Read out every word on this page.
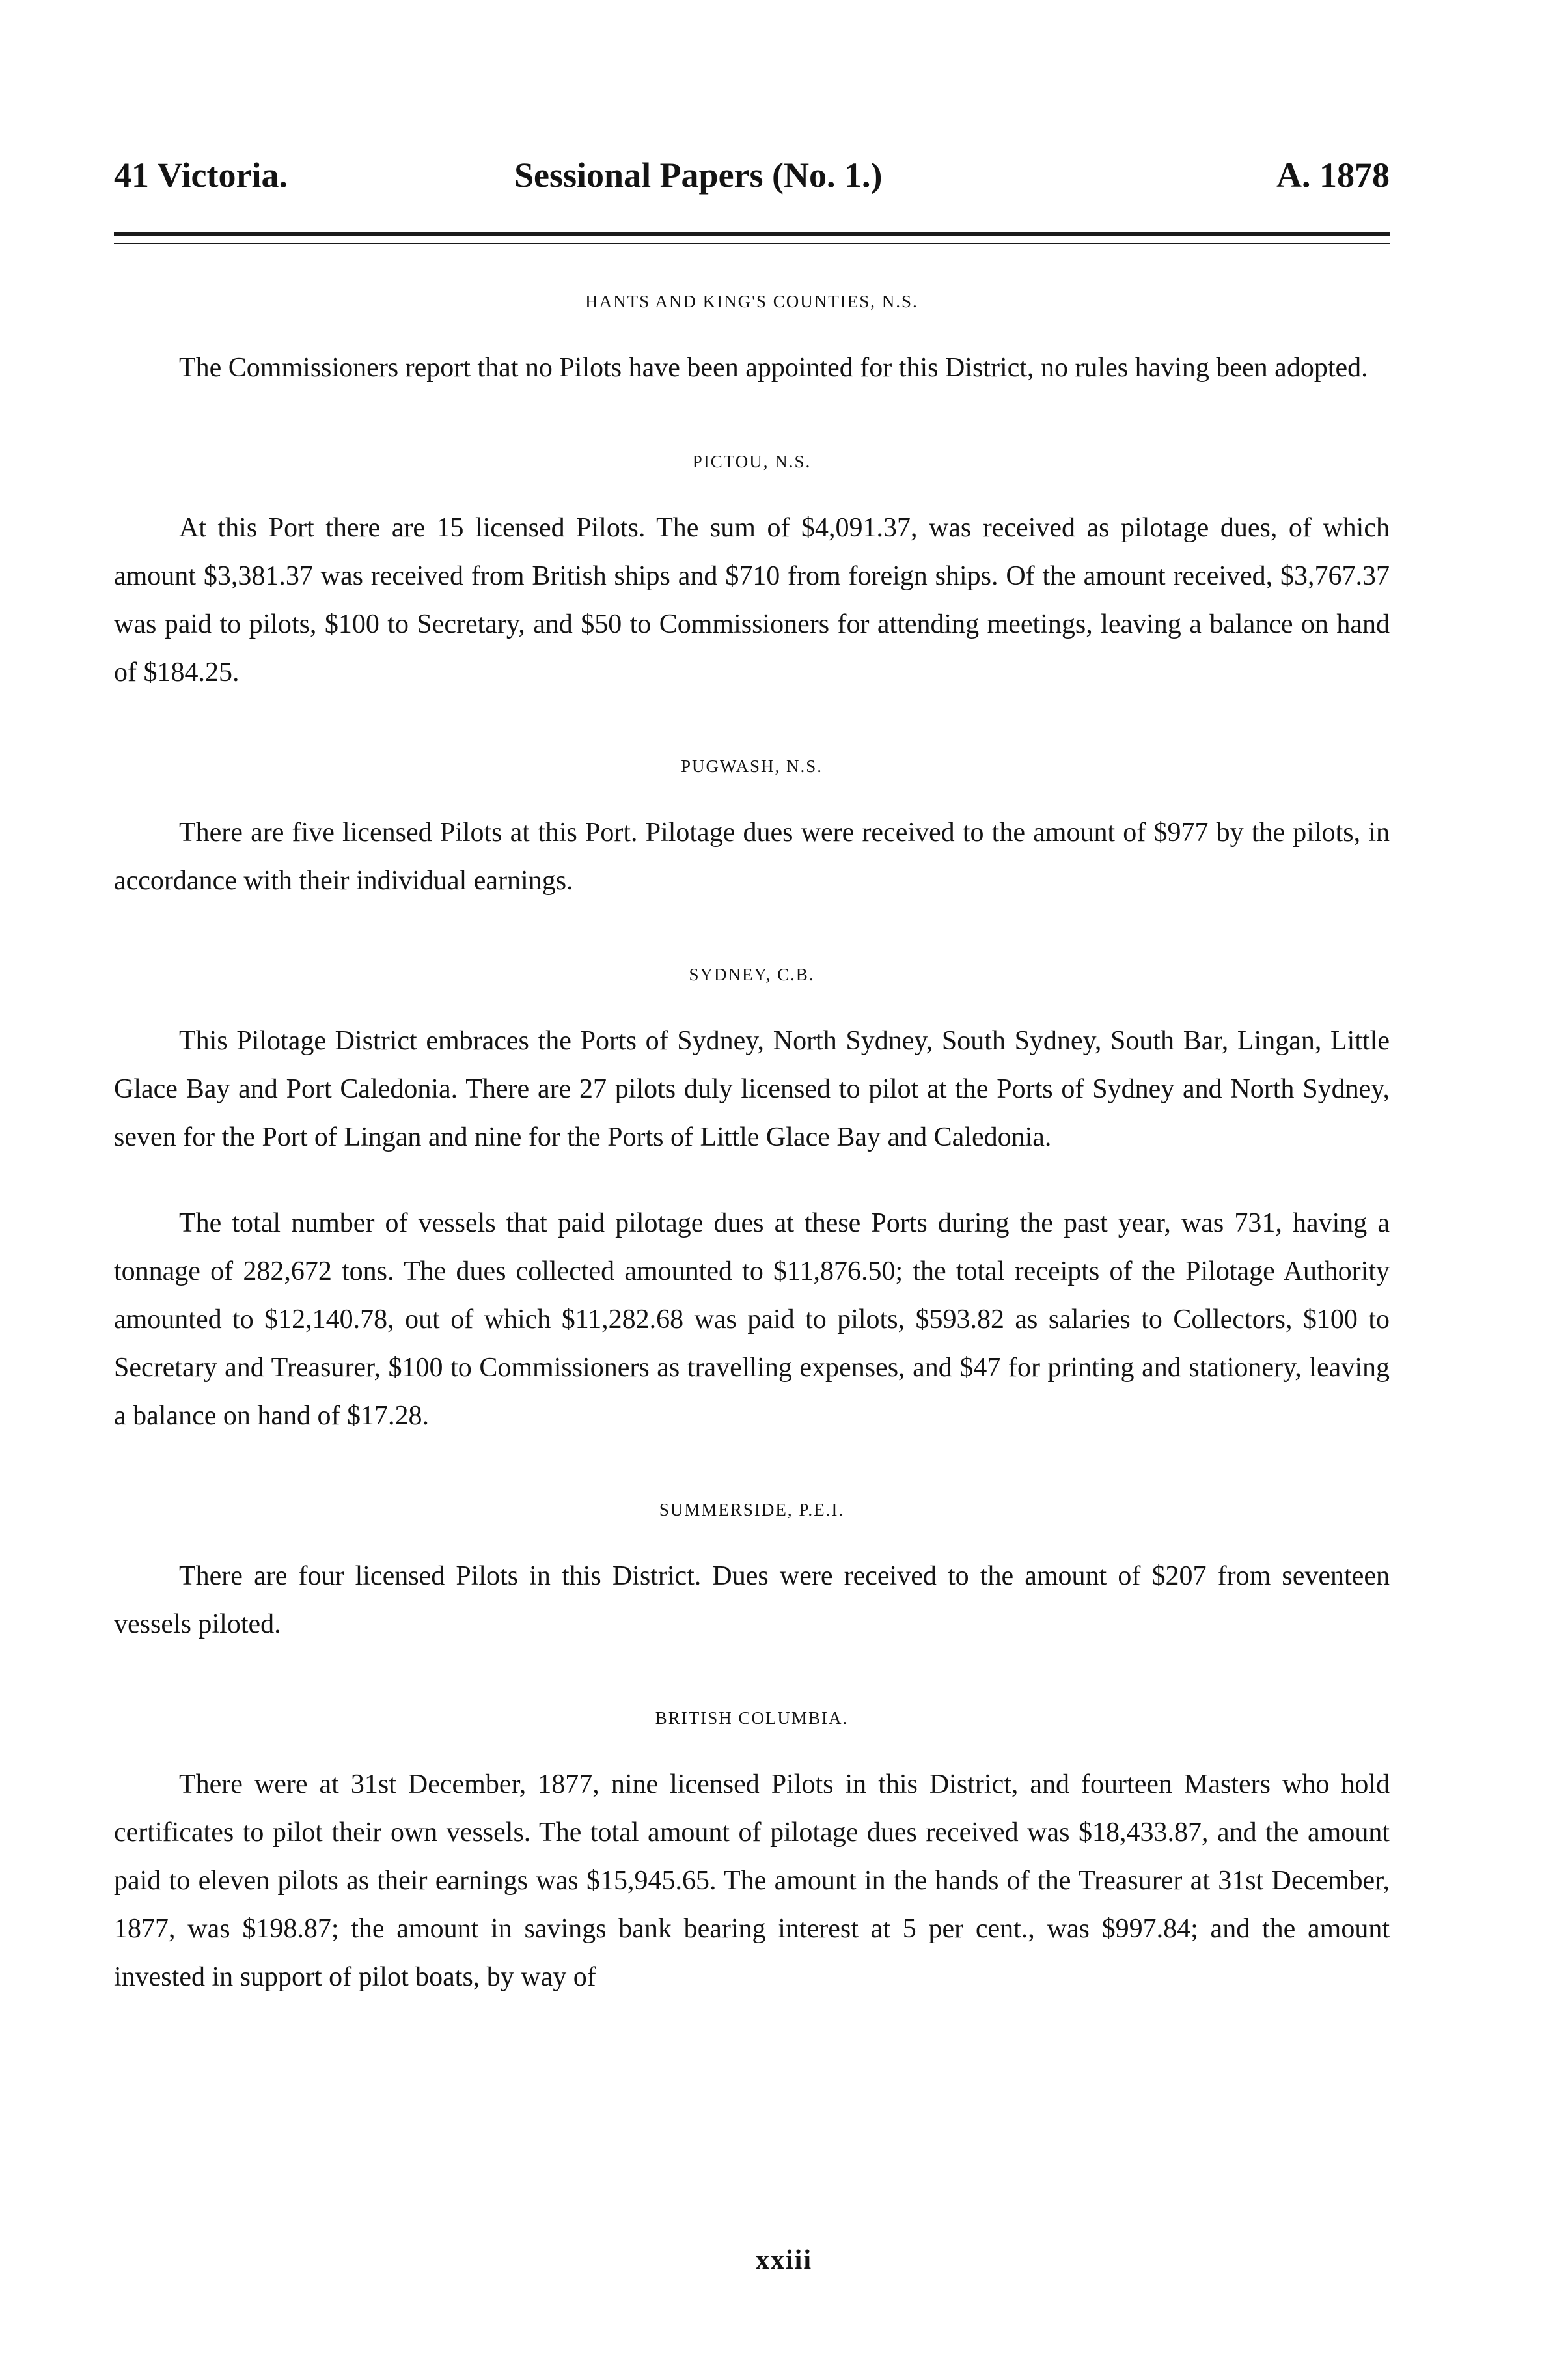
41 Victoria.	Sessional Papers (No. 1.)	A. 1878
HANTS AND KING'S COUNTIES, N.S.

The Commissioners report that no Pilots have been appointed for this District, no rules having been adopted.

PICTOU, N.S.

At this Port there are 15 licensed Pilots. The sum of $4,091.37, was received as pilotage dues, of which amount $3,381.37 was received from British ships and $710 from foreign ships. Of the amount received, $3,767.37 was paid to pilots, $100 to Secretary, and $50 to Commissioners for attending meetings, leaving a balance on hand of $184.25.

PUGWASH, N.S.

There are five licensed Pilots at this Port. Pilotage dues were received to the amount of $977 by the pilots, in accordance with their individual earnings.

SYDNEY, C.B.

This Pilotage District embraces the Ports of Sydney, North Sydney, South Sydney, South Bar, Lingan, Little Glace Bay and Port Caledonia. There are 27 pilots duly licensed to pilot at the Ports of Sydney and North Sydney, seven for the Port of Lingan and nine for the Ports of Little Glace Bay and Caledonia.

The total number of vessels that paid pilotage dues at these Ports during the past year, was 731, having a tonnage of 282,672 tons. The dues collected amounted to $11,876.50; the total receipts of the Pilotage Authority amounted to $12,140.78, out of which $11,282.68 was paid to pilots, $593.82 as salaries to Collectors, $100 to Secretary and Treasurer, $100 to Commissioners as travelling expenses, and $47 for printing and stationery, leaving a balance on hand of $17.28.

SUMMERSIDE, P.E.I.

There are four licensed Pilots in this District. Dues were received to the amount of $207 from seventeen vessels piloted.

BRITISH COLUMBIA.

There were at 31st December, 1877, nine licensed Pilots in this District, and fourteen Masters who hold certificates to pilot their own vessels. The total amount of pilotage dues received was $18,433.87, and the amount paid to eleven pilots as their earnings was $15,945.65. The amount in the hands of the Treasurer at 31st December, 1877, was $198.87; the amount in savings bank bearing interest at 5 per cent., was $997.84; and the amount invested in support of pilot boats, by way of

xxiii
